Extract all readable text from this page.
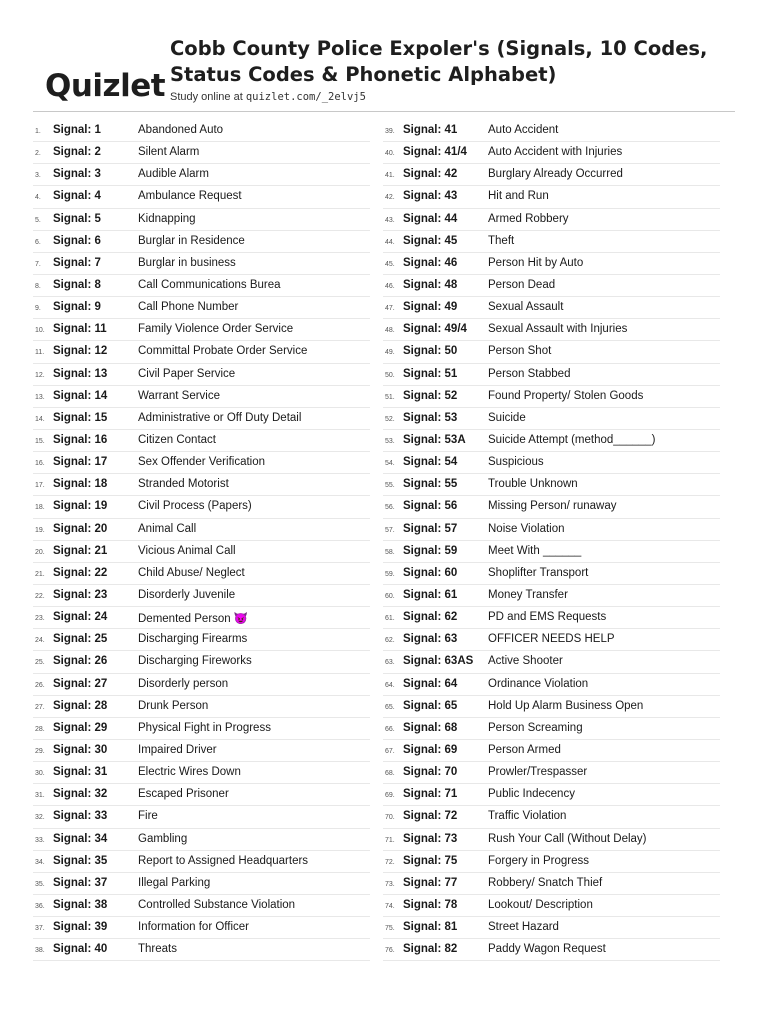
Quizlet
Cobb County Police Expoler's (Signals, 10 Codes, Status Codes & Phonetic Alphabet)
Study online at quizlet.com/_2elvj5
1. Signal: 1	Abandoned Auto
2. Signal: 2	Silent Alarm
3. Signal: 3	Audible Alarm
4. Signal: 4	Ambulance Request
5. Signal: 5	Kidnapping
6. Signal: 6	Burglar in Residence
7. Signal: 7	Burglar in business
8. Signal: 8	Call Communications Burea
9. Signal: 9	Call Phone Number
10. Signal: 11	Family Violence Order Service
11. Signal: 12	Committal Probate Order Service
12. Signal: 13	Civil Paper Service
13. Signal: 14	Warrant Service
14. Signal: 15	Administrative or Off Duty Detail
15. Signal: 16	Citizen Contact
16. Signal: 17	Sex Offender Verification
17. Signal: 18	Stranded Motorist
18. Signal: 19	Civil Process (Papers)
19. Signal: 20	Animal Call
20. Signal: 21	Vicious Animal Call
21. Signal: 22	Child Abuse/ Neglect
22. Signal: 23	Disorderly Juvenile
23. Signal: 24	Demented Person 😈
24. Signal: 25	Discharging Firearms
25. Signal: 26	Discharging Fireworks
26. Signal: 27	Disorderly person
27. Signal: 28	Drunk Person
28. Signal: 29	Physical Fight in Progress
29. Signal: 30	Impaired Driver
30. Signal: 31	Electric Wires Down
31. Signal: 32	Escaped Prisoner
32. Signal: 33	Fire
33. Signal: 34	Gambling
34. Signal: 35	Report to Assigned Headquarters
35. Signal: 37	Illegal Parking
36. Signal: 38	Controlled Substance Violation
37. Signal: 39	Information for Officer
38. Signal: 40	Threats
39. Signal: 41	Auto Accident
40. Signal: 41/4 Auto Accident with Injuries
41. Signal: 42	Burglary Already Occurred
42. Signal: 43	Hit and Run
43. Signal: 44	Armed Robbery
44. Signal: 45	Theft
45. Signal: 46	Person Hit by Auto
46. Signal: 48	Person Dead
47. Signal: 49	Sexual Assault
48. Signal: 49/4 Sexual Assault with Injuries
49. Signal: 50	Person Shot
50. Signal: 51	Person Stabbed
51. Signal: 52	Found Property/ Stolen Goods
52. Signal: 53	Suicide
53. Signal: 53A Suicide Attempt (method______)
54. Signal: 54	Suspicious
55. Signal: 55	Trouble Unknown
56. Signal: 56	Missing Person/ runaway
57. Signal: 57	Noise Violation
58. Signal: 59	Meet With ______
59. Signal: 60	Shoplifter Transport
60. Signal: 61	Money Transfer
61. Signal: 62	PD and EMS Requests
62. Signal: 63	OFFICER NEEDS HELP
63. Signal: 63AS Active Shooter
64. Signal: 64	Ordinance Violation
65. Signal: 65	Hold Up Alarm Business Open
66. Signal: 68	Person Screaming
67. Signal: 69	Person Armed
68. Signal: 70	Prowler/Trespasser
69. Signal: 71	Public Indecency
70. Signal: 72	Traffic Violation
71. Signal: 73	Rush Your Call (Without Delay)
72. Signal: 75	Forgery in Progress
73. Signal: 77	Robbery/ Snatch Thief
74. Signal: 78	Lookout/ Description
75. Signal: 81	Street Hazard
76. Signal: 82	Paddy Wagon Request
